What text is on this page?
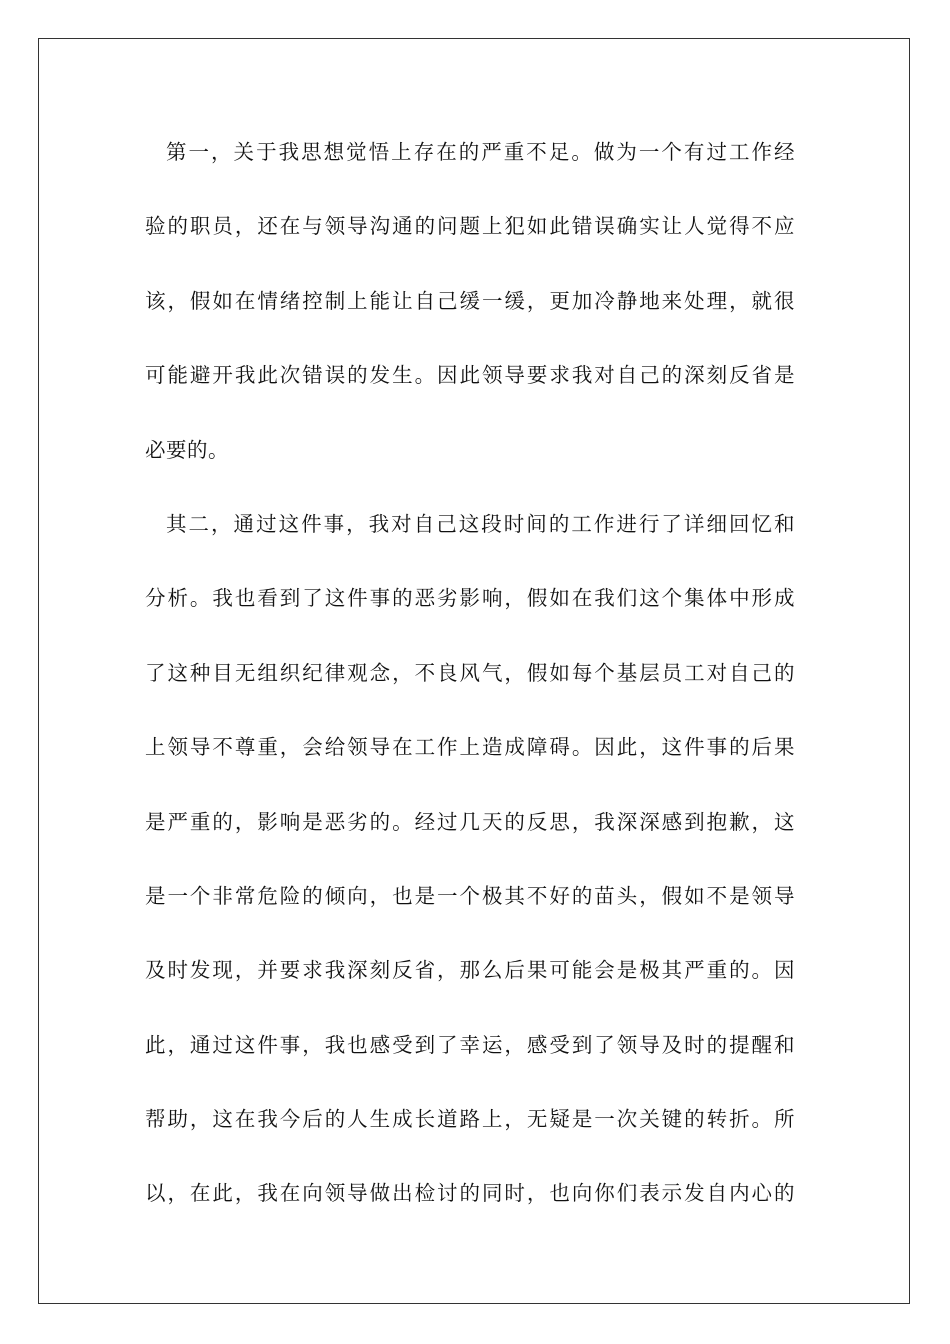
第一，关于我思想觉悟上存在的严重不足。做为一个有过工作经
验的职员，还在与领导沟通的问题上犯如此错误确实让人觉得不应
该，假如在情绪控制上能让自己缓一缓，更加冷静地来处理，就很
可能避开我此次错误的发生。因此领导要求我对自己的深刻反省是
必要的。
其二，通过这件事，我对自己这段时间的工作进行了详细回忆和
分析。我也看到了这件事的恶劣影响，假如在我们这个集体中形成
了这种目无组织纪律观念，不良风气，假如每个基层员工对自己的
上领导不尊重，会给领导在工作上造成障碍。因此，这件事的后果
是严重的，影响是恶劣的。经过几天的反思，我深深感到抱歉，这
是一个非常危险的倾向，也是一个极其不好的苗头，假如不是领导
及时发现，并要求我深刻反省，那么后果可能会是极其严重的。因
此，通过这件事，我也感受到了幸运，感受到了领导及时的提醒和
帮助，这在我今后的人生成长道路上，无疑是一次关键的转折。所
以，在此，我在向领导做出检讨的同时，也向你们表示发自内心的
